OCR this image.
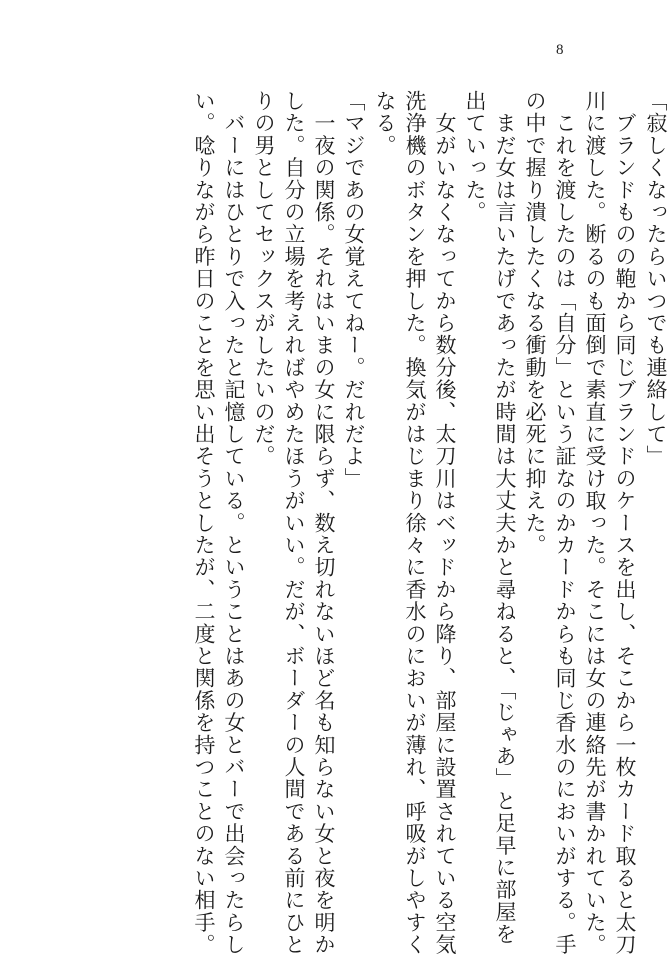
8
「寂しくなったらいつでも連絡して」
　ブランドものの鞄から同じブランドのケースを出し、そこから一枚カード取ると太刀
川に渡した。断るのも面倒で素直に受け取った。そこには女の連絡先が書かれていた。
　これを渡したのは「自分」という証なのかカードからも同じ香水のにおいがする。手
の中で握り潰したくなる衝動を必死に抑えた。
　まだ女は言いたげであったが時間は大丈夫かと尋ねると、「じゃあ」と足早に部屋を
出ていった。
　女がいなくなってから数分後、太刀川はベッドから降り、部屋に設置されている空気
洗浄機のボタンを押した。換気がはじまり徐々に香水のにおいが薄れ、呼吸がしやすく
なる。
「マジであの女覚えてねー。だれだよ」
　一夜の関係。それはいまの女に限らず、数え切れないほど名も知らない女と夜を明か
した。自分の立場を考えればやめたほうがいい。だが、ボーダーの人間である前にひと
りの男としてセックスがしたいのだ。
　バーにはひとりで入ったと記憶している。ということはあの女とバーで出会ったらし
い。唸りながら昨日のことを思い出そうとしたが、二度と関係を持つことのない相手。
